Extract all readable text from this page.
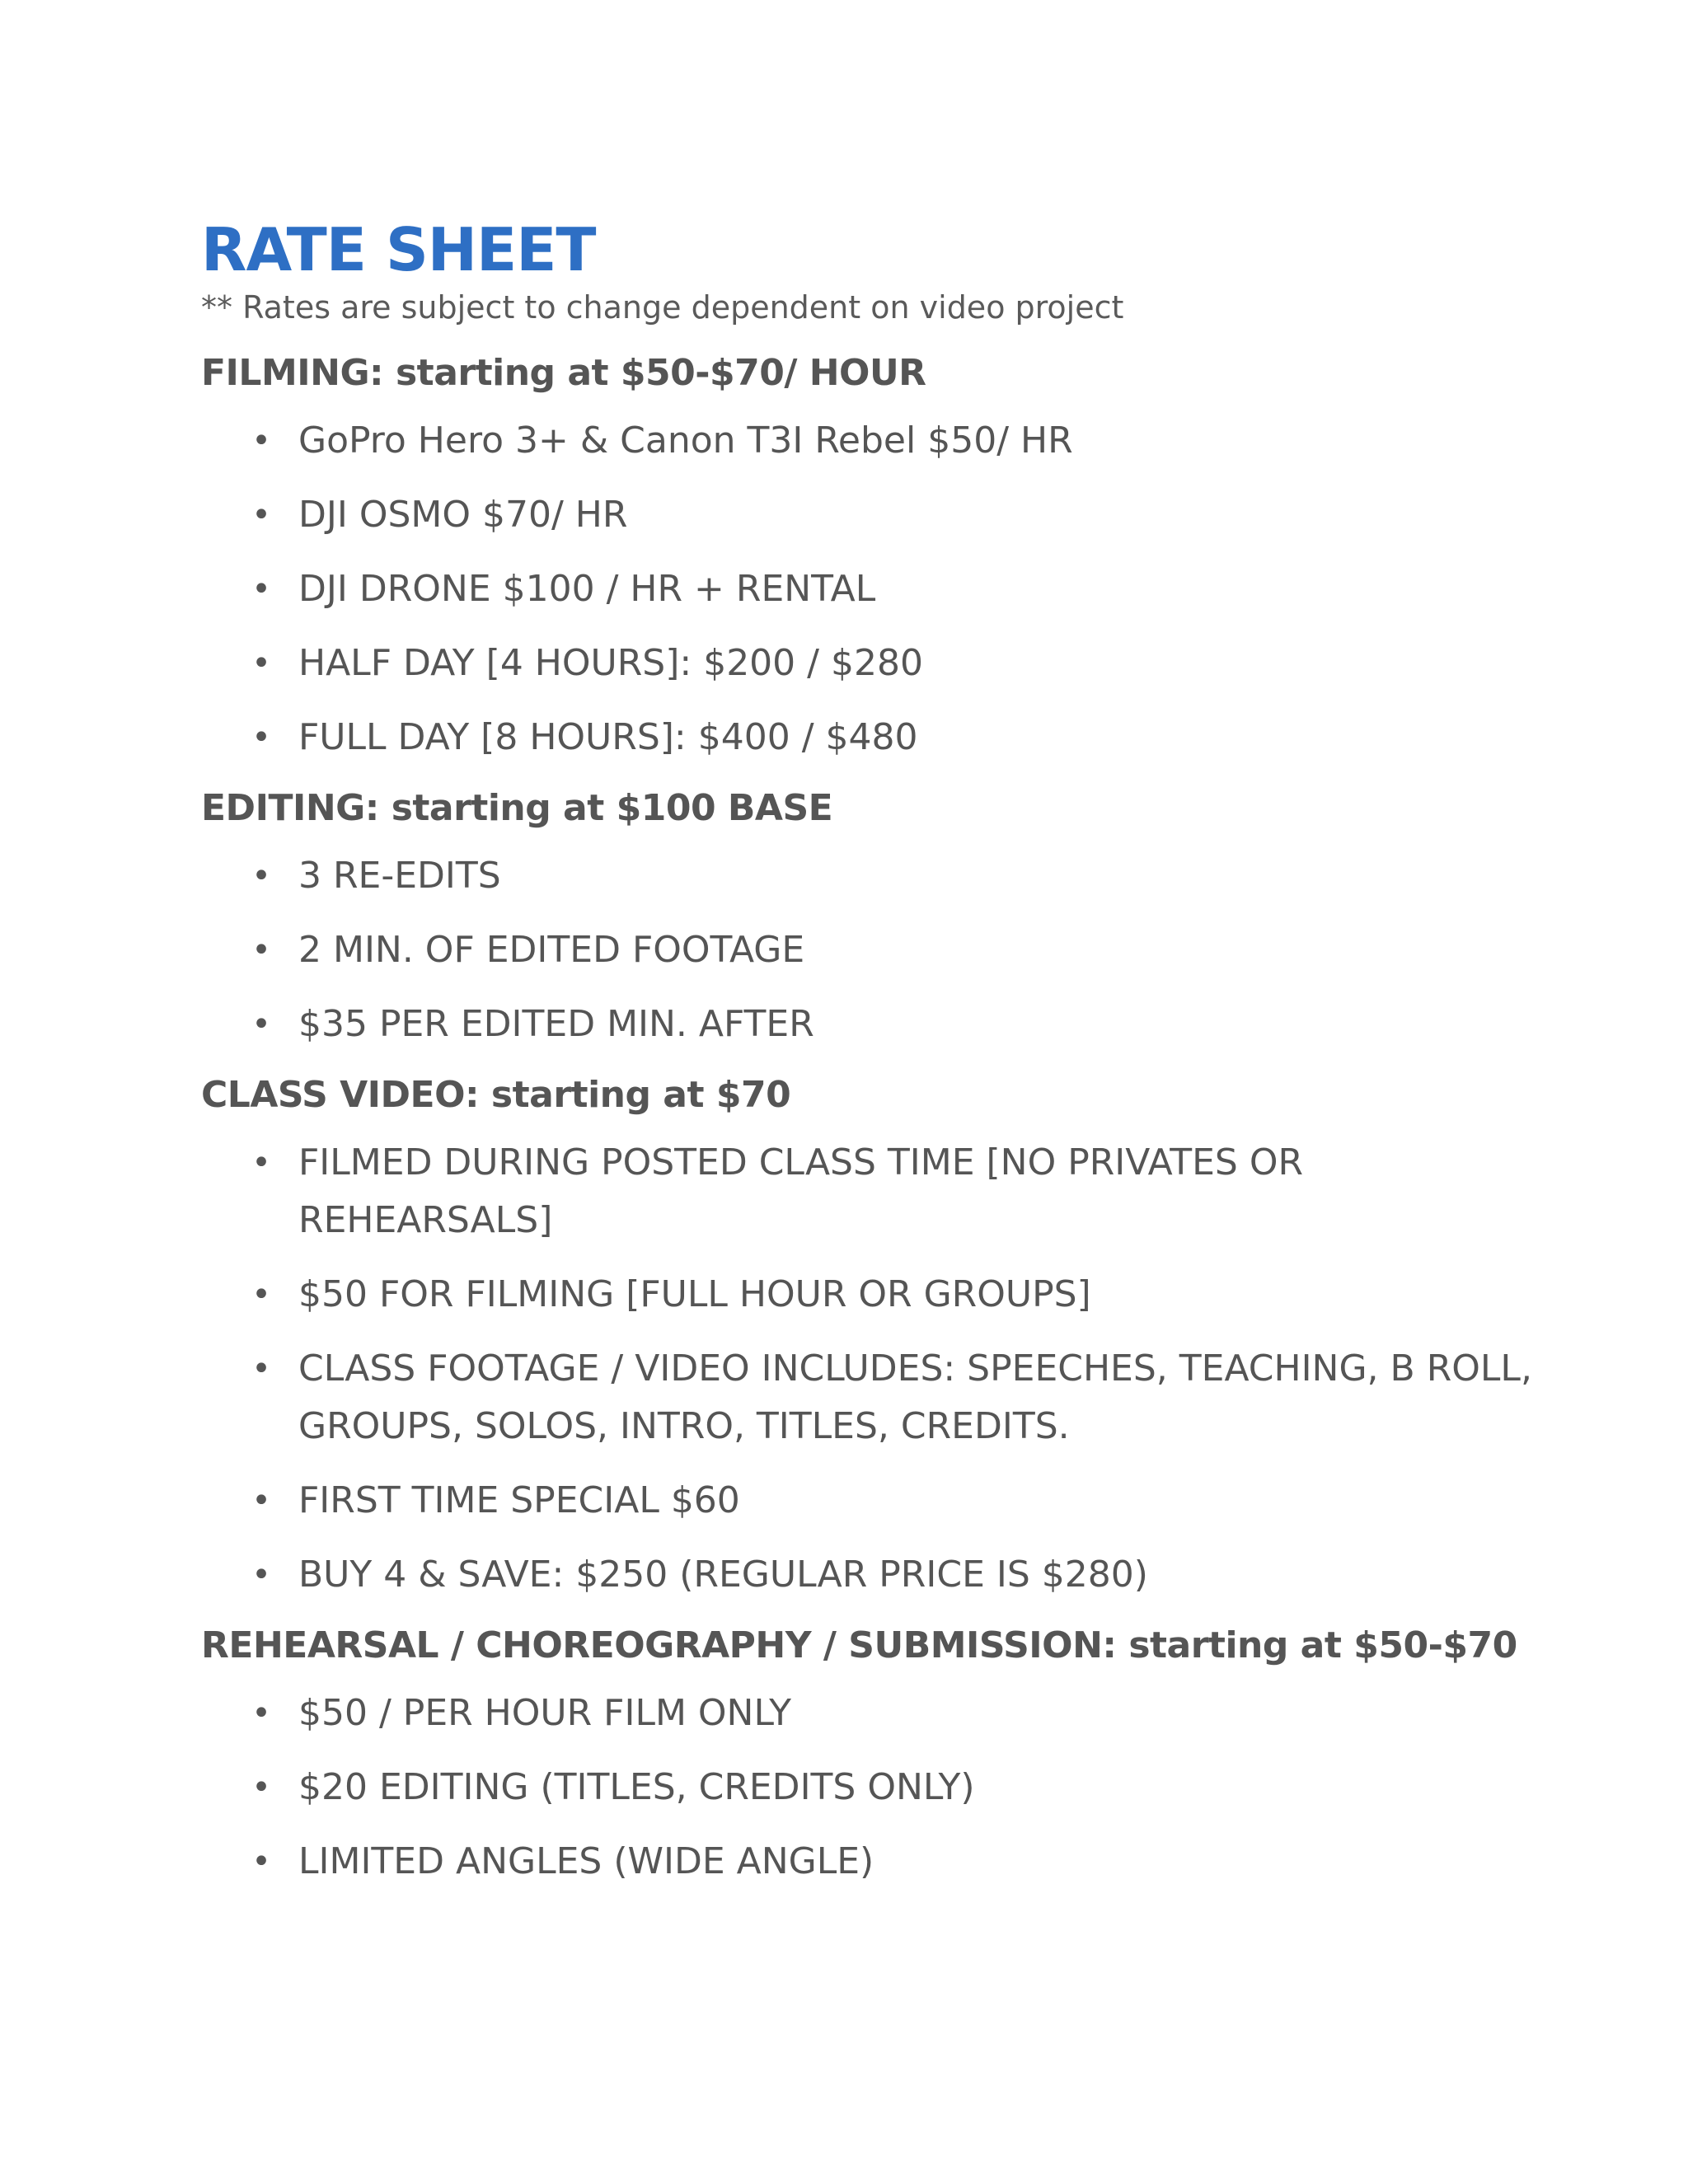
RATE SHEET

** Rates are subject to change dependent on video project

FILMING: starting at $50-$70/ HOUR
• GoPro Hero 3+ & Canon T3I Rebel $50/ HR
• DJI OSMO $70/ HR
• DJI DRONE $100 / HR + RENTAL
• HALF DAY [4 HOURS]: $200 / $280
• FULL DAY [8 HOURS]: $400 / $480
EDITING: starting at $100 BASE
• 3 RE-EDITS
• 2 MIN. OF EDITED FOOTAGE
• $35 PER EDITED MIN. AFTER
CLASS VIDEO: starting at $70
• FILMED DURING POSTED CLASS TIME [NO PRIVATES OR REHEARSALS]
• $50 FOR FILMING [FULL HOUR OR GROUPS]
• CLASS FOOTAGE / VIDEO INCLUDES: SPEECHES, TEACHING, B ROLL, GROUPS, SOLOS, INTRO, TITLES, CREDITS.
• FIRST TIME SPECIAL $60
• BUY 4 & SAVE: $250 (REGULAR PRICE IS $280)
REHEARSAL / CHOREOGRAPHY / SUBMISSION: starting at $50-$70
• $50 / PER HOUR FILM ONLY
• $20 EDITING (TITLES, CREDITS ONLY)
• LIMITED ANGLES (WIDE ANGLE)
